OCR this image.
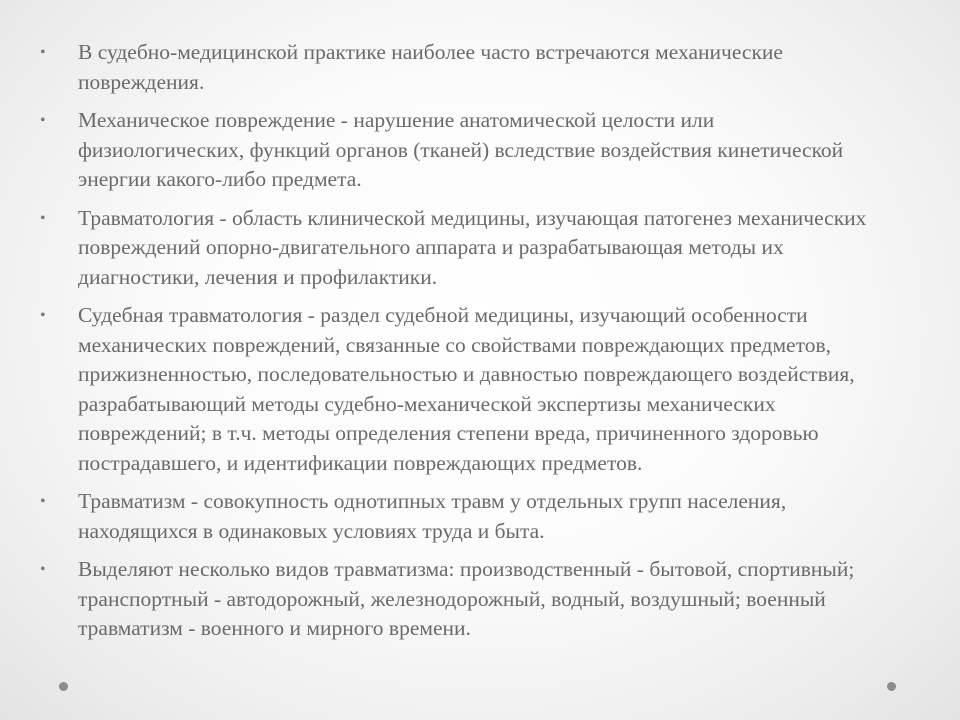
• В судебно-медицинской практике наиболее часто встречаются механические повреждения.
• Механическое повреждение - нарушение анатомической целости или физиологических, функций органов (тканей) вследствие воздействия кинетической энергии какого-либо предмета.
• Травматология - область клинической медицины, изучающая патогенез механических повреждений опорно-двигательного аппарата и разрабатывающая методы их диагностики, лечения и профилактики.
• Судебная травматология - раздел судебной медицины, изучающий особенности механических повреждений, связанные со свойствами повреждающих предметов, прижизненностью, последовательностью и давностью повреждающего воздействия, разрабатывающий методы судебно-механической экспертизы механических повреждений; в т.ч. методы определения степени вреда, причиненного здоровью пострадавшего, и идентификации повреждающих предметов.
• Травматизм - совокупность однотипных травм у отдельных групп населения, находящихся в одинаковых условиях труда и быта.
• Выделяют несколько видов травматизма: производственный - бытовой, спортивный; транспортный - автодорожный, железнодорожный, водный, воздушный; военный травматизм - военного и мирного времени.
